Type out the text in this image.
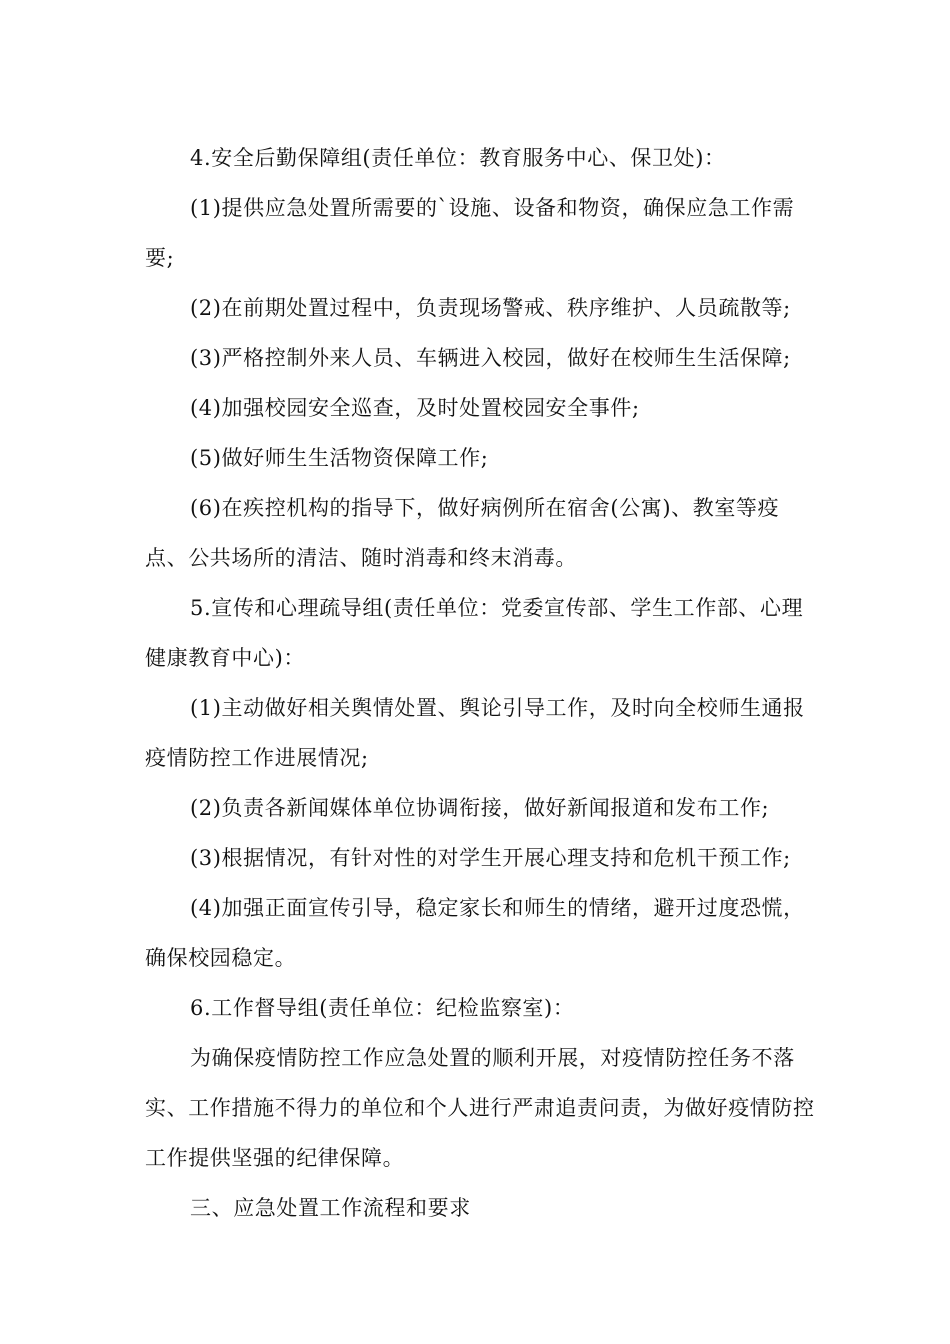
4.安全后勤保障组(责任单位：教育服务中心、保卫处)：

(1)提供应急处置所需要的`设施、设备和物资，确保应急工作需要;

(2)在前期处置过程中，负责现场警戒、秩序维护、人员疏散等;

(3)严格控制外来人员、车辆进入校园，做好在校师生生活保障;

(4)加强校园安全巡查，及时处置校园安全事件;

(5)做好师生生活物资保障工作;

(6)在疾控机构的指导下，做好病例所在宿舍(公寓)、教室等疫点、公共场所的清洁、随时消毒和终末消毒。

5.宣传和心理疏导组(责任单位：党委宣传部、学生工作部、心理健康教育中心)：

(1)主动做好相关舆情处置、舆论引导工作，及时向全校师生通报疫情防控工作进展情况;

(2)负责各新闻媒体单位协调衔接，做好新闻报道和发布工作;

(3)根据情况，有针对性的对学生开展心理支持和危机干预工作;

(4)加强正面宣传引导，稳定家长和师生的情绪，避开过度恐慌，确保校园稳定。

6.工作督导组(责任单位：纪检监察室)：

为确保疫情防控工作应急处置的顺利开展，对疫情防控任务不落实、工作措施不得力的单位和个人进行严肃追责问责，为做好疫情防控工作提供坚强的纪律保障。

三、应急处置工作流程和要求
